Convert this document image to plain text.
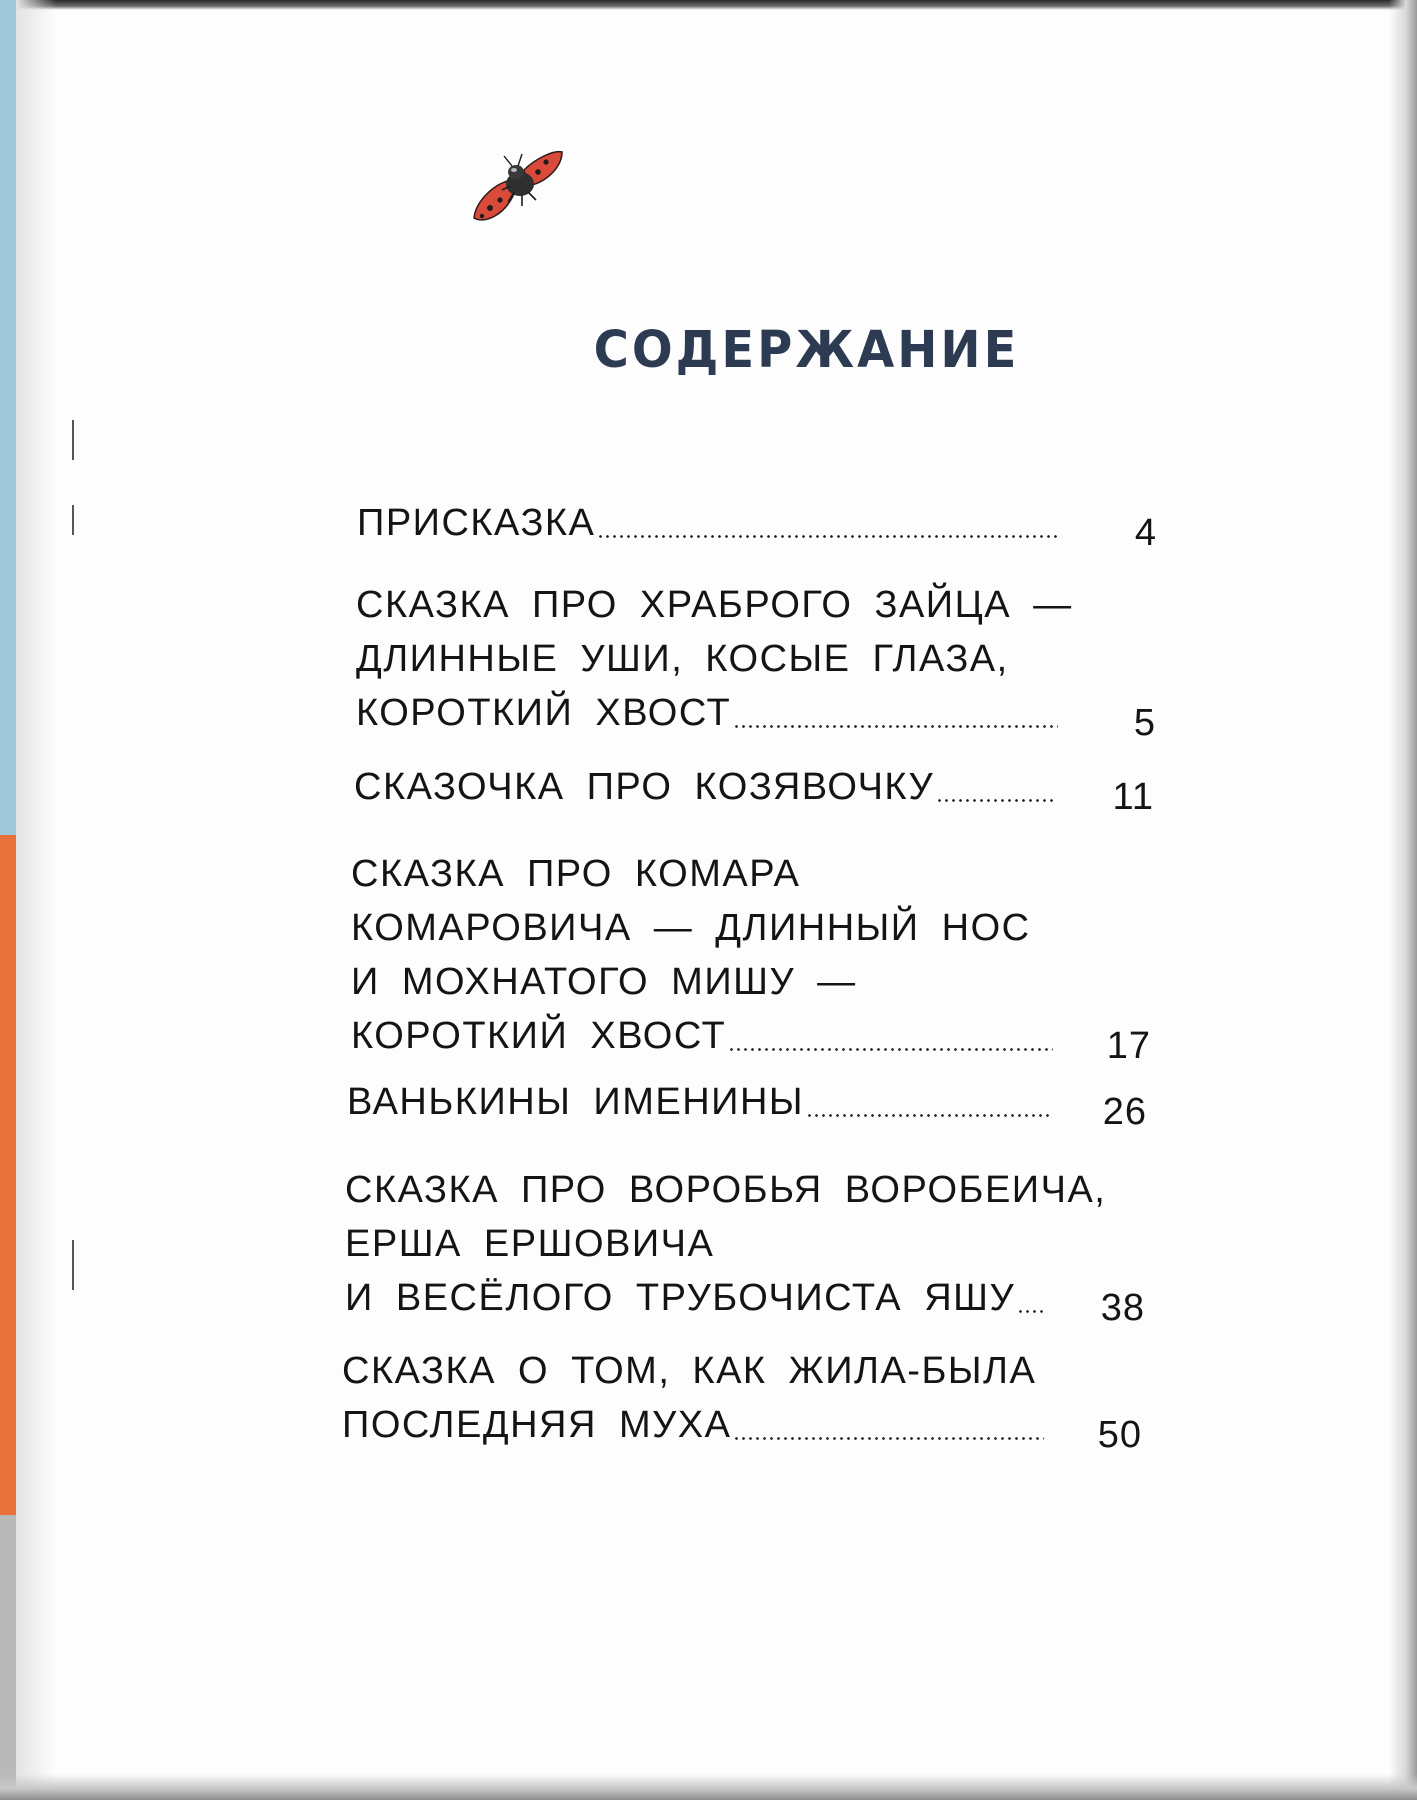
СОДЕРЖАНИЕ
ПРИСКАЗКА	4
СКАЗКА ПРО ХРАБРОГО ЗАЙЦА —
ДЛИННЫЕ УШИ, КОСЫЕ ГЛАЗА,
КОРОТКИЙ ХВОСТ	5
СКАЗОЧКА ПРО КОЗЯВОЧКУ	11
СКАЗКА ПРО КОМАРА
КОМАРОВИЧА — ДЛИННЫЙ НОС
И МОХНАТОГО МИШУ —
КОРОТКИЙ ХВОСТ	17
ВАНЬКИНЫ ИМЕНИНЫ	26
СКАЗКА ПРО ВОРОБЬЯ ВОРОБЕИЧА,
ЕРША ЕРШОВИЧА
И ВЕСЁЛОГО ТРУБОЧИСТА ЯШУ	38
СКАЗКА О ТОМ, КАК ЖИЛА-БЫЛА
ПОСЛЕДНЯЯ МУХА	50
